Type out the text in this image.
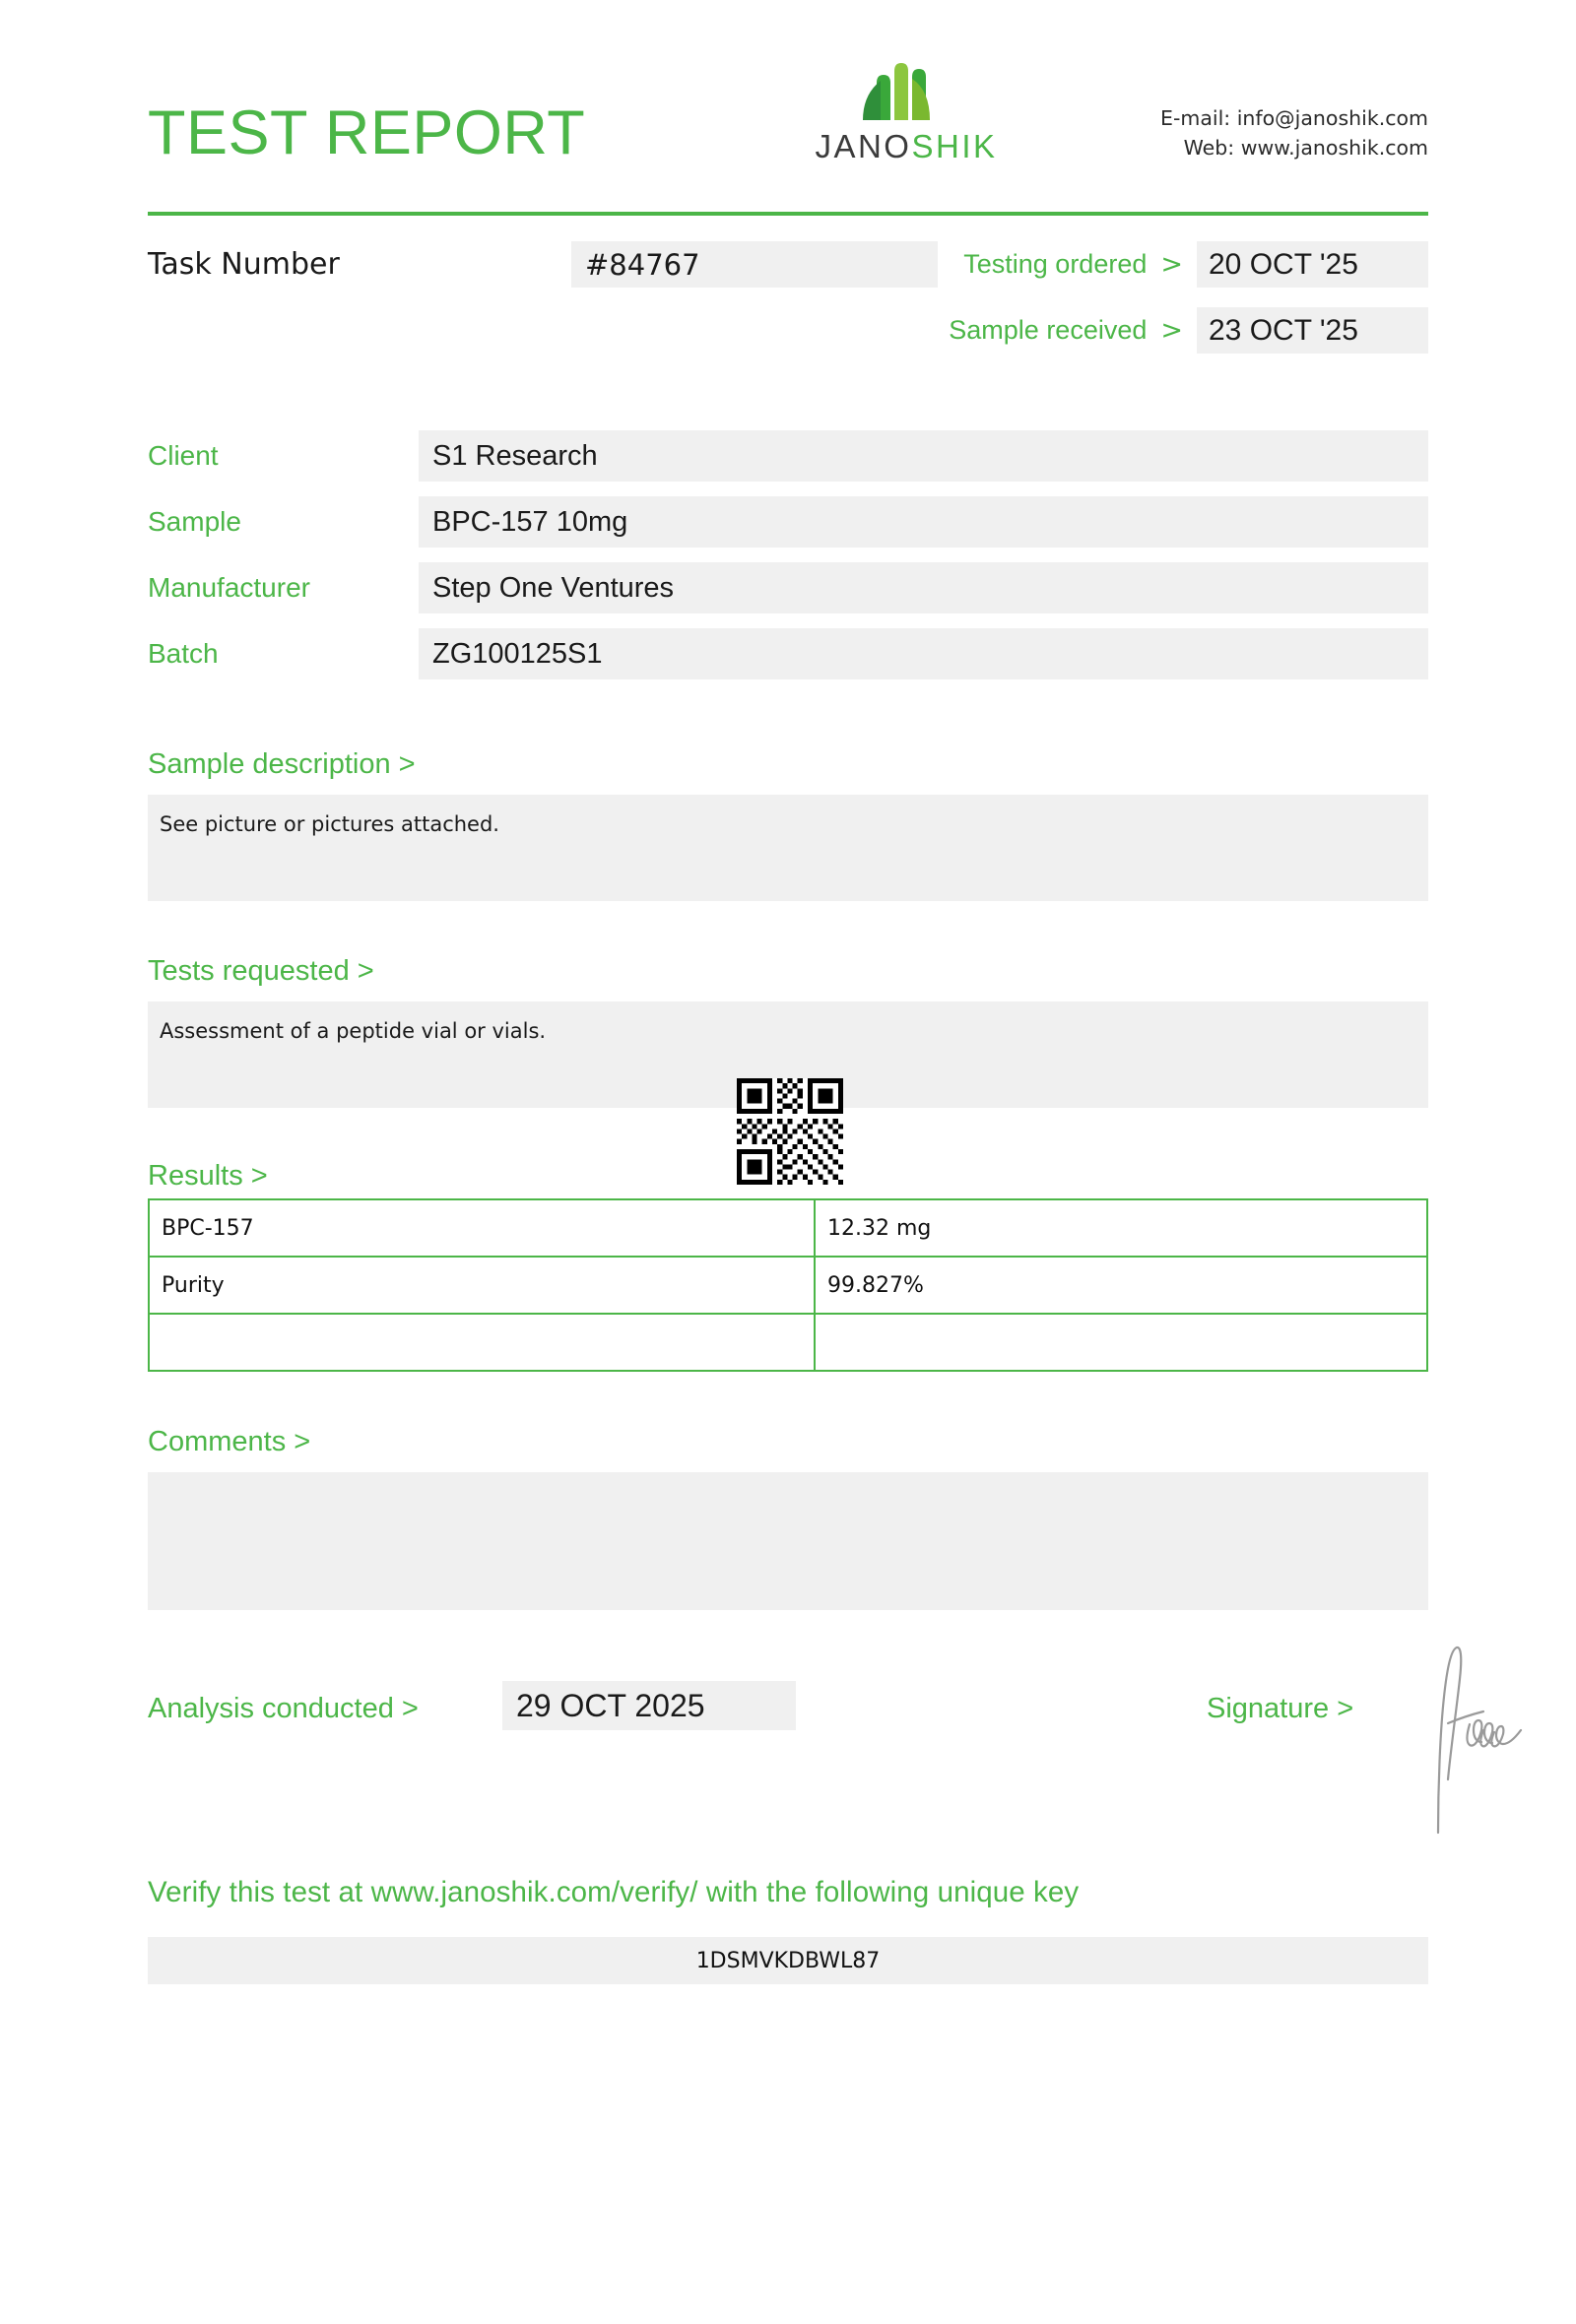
TEST REPORT	JANOSHIK
E-mail: info@janoshik.com
Web: www.janoshik.com
Task Number	#84767	Testing ordered > 20 OCT '25
Sample received > 23 OCT '25
Client	S1 Research
Sample	BPC-157 10mg
Manufacturer	Step One Ventures
Batch	ZG100125S1
Sample description >
See picture or pictures attached.
Tests requested >
Assessment of a peptide vial or vials.
Results >
BPC-157	12.32 mg
Purity	99.827%

Comments >
Analysis conducted >	29 OCT 2025	Signature >
Verify this test at www.janoshik.com/verify/ with the following unique key
1DSMVKDBWL87
